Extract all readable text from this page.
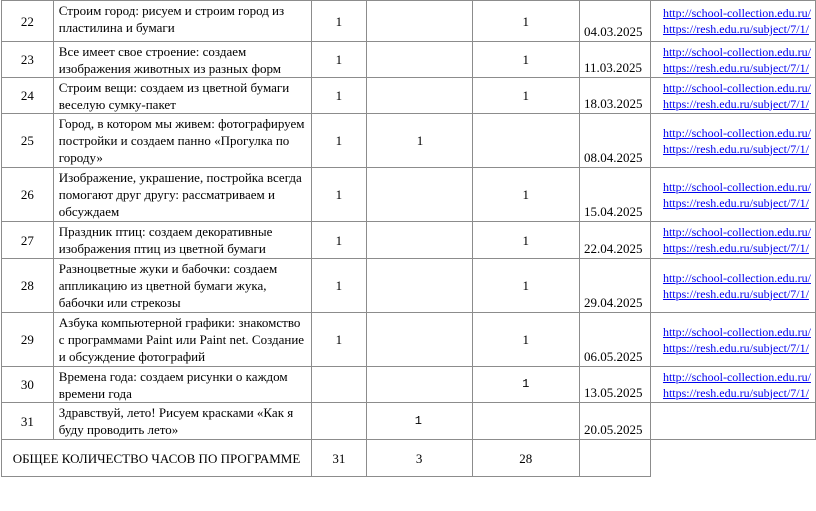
22	Строим город: рисуем и строим город из пластилина и бумаги	1		1	04.03.2025	http://school-collection.edu.ru/
https://resh.edu.ru/subject/7/1/

23	Все имеет свое строение: создаем изображения животных из разных форм	1		1	11.03.2025	http://school-collection.edu.ru/
https://resh.edu.ru/subject/7/1/

24	Строим вещи: создаем из цветной бумаги веселую сумку-пакет	1		1	18.03.2025	http://school-collection.edu.ru/
https://resh.edu.ru/subject/7/1/

25	Город, в котором мы живем: фотографируем постройки и создаем панно «Прогулка по городу»	1	1		08.04.2025	http://school-collection.edu.ru/
https://resh.edu.ru/subject/7/1/

26	Изображение, украшение, постройка всегда помогают друг другу: рассматриваем и обсуждаем	1		1	15.04.2025	http://school-collection.edu.ru/
https://resh.edu.ru/subject/7/1/

27	Праздник птиц: создаем декоративные изображения птиц из цветной бумаги	1		1	22.04.2025	http://school-collection.edu.ru/
https://resh.edu.ru/subject/7/1/

28	Разноцветные жуки и бабочки: создаем аппликацию из цветной бумаги жука, бабочки или стрекозы	1		1	29.04.2025	http://school-collection.edu.ru/
https://resh.edu.ru/subject/7/1/

29	Азбука компьютерной графики: знакомство с программами Paint или Paint net. Создание и обсуждение фотографий	1		1	06.05.2025	http://school-collection.edu.ru/
https://resh.edu.ru/subject/7/1/

30	Времена года: создаем рисунки о каждом времени года			1	13.05.2025	http://school-collection.edu.ru/
https://resh.edu.ru/subject/7/1/

31	Здравствуй, лето! Рисуем красками «Как я буду проводить лето»		1		20.05.2025	
ОБЩЕЕ КОЛИЧЕСТВО ЧАСОВ ПО ПРОГРАММЕ		31	3	28		
